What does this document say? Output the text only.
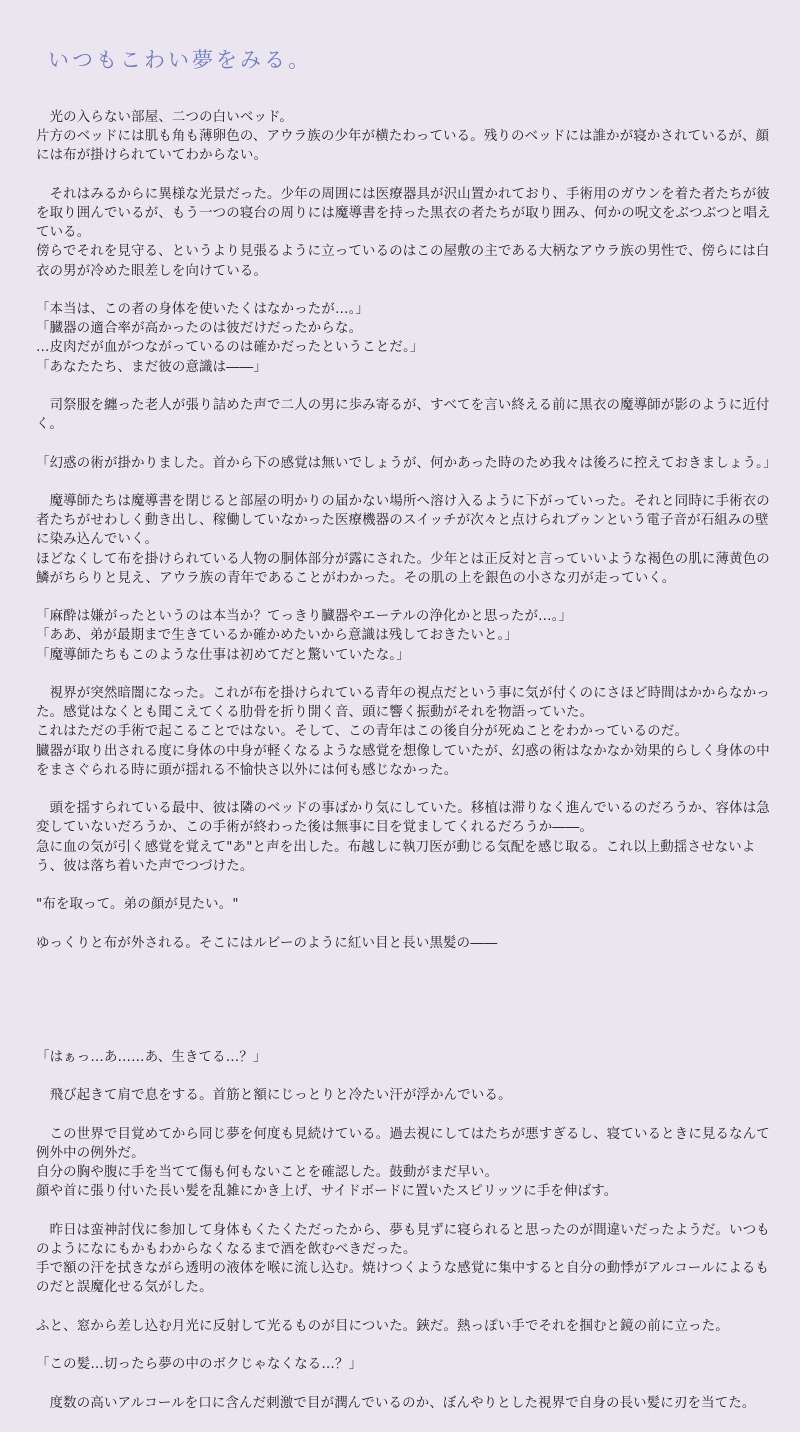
いつもこわい夢をみる。

　光の入らない部屋、二つの白いベッド。
片方のベッドには肌も角も薄卵色の、アウラ族の少年が横たわっている。残りのベッドには誰かが寝かされているが、顔には布が掛けられていてわからない。

　それはみるからに異様な光景だった。少年の周囲には医療器具が沢山置かれており、手術用のガウンを着た者たちが彼を取り囲んでいるが、もう一つの寝台の周りには魔導書を持った黒衣の者たちが取り囲み、何かの呪文をぶつぶつと唱えている。
傍らでそれを見守る、というより見張るように立っているのはこの屋敷の主である大柄なアウラ族の男性で、傍らには白衣の男が冷めた眼差しを向けている。

「本当は、この者の身体を使いたくはなかったが…。」
「臓器の適合率が高かったのは彼だけだったからな。
…皮肉だが血がつながっているのは確かだったということだ。」
「あなたたち、まだ彼の意識は――」

　司祭服を纏った老人が張り詰めた声で二人の男に歩み寄るが、すべてを言い終える前に黒衣の魔導師が影のように近付く。

「幻惑の術が掛かりました。首から下の感覚は無いでしょうが、何かあった時のため我々は後ろに控えておきましょう。」

　魔導師たちは魔導書を閉じると部屋の明かりの届かない場所へ溶け入るように下がっていった。それと同時に手術衣の者たちがせわしく動き出し、稼働していなかった医療機器のスイッチが次々と点けられブゥンという電子音が石組みの壁に染み込んでいく。
ほどなくして布を掛けられている人物の胴体部分が露にされた。少年とは正反対と言っていいような褐色の肌に薄黄色の鱗がちらりと見え、アウラ族の青年であることがわかった。その肌の上を銀色の小さな刃が走っていく。

「麻酔は嫌がったというのは本当か？てっきり臓器やエーテルの浄化かと思ったが…。」
「ああ、弟が最期まで生きているか確かめたいから意識は残しておきたいと。」
「魔導師たちもこのような仕事は初めてだと驚いていたな。」

　視界が突然暗闇になった。これが布を掛けられている青年の視点だという事に気が付くのにさほど時間はかからなかった。感覚はなくとも聞こえてくる肋骨を折り開く音、頭に響く振動がそれを物語っていた。
これはただの手術で起こることではない。そして、この青年はこの後自分が死ぬことをわかっているのだ。
臓器が取り出される度に身体の中身が軽くなるような感覚を想像していたが、幻惑の術はなかなか効果的らしく身体の中をまさぐられる時に頭が揺れる不愉快さ以外には何も感じなかった。

　頭を揺すられている最中、彼は隣のベッドの事ばかり気にしていた。移植は滞りなく進んでいるのだろうか、容体は急変していないだろうか、この手術が終わった後は無事に目を覚ましてくれるだろうか――。
急に血の気が引く感覚を覚えて"あ"と声を出した。布越しに執刀医が動じる気配を感じ取る。これ以上動揺させないよう、彼は落ち着いた声でつづけた。

"布を取って。弟の顔が見たい。"

ゆっくりと布が外される。そこにはルビーのように紅い目と長い黒髪の――

「はぁっ…あ……あ、生きてる…？」

　飛び起きて肩で息をする。首筋と額にじっとりと冷たい汗が浮かんでいる。

　この世界で目覚めてから同じ夢を何度も見続けている。過去視にしてはたちが悪すぎるし、寝ているときに見るなんて例外中の例外だ。
自分の胸や腹に手を当てて傷も何もないことを確認した。鼓動がまだ早い。
顔や首に張り付いた長い髪を乱雑にかき上げ、サイドボードに置いたスピリッツに手を伸ばす。

　昨日は蛮神討伐に参加して身体もくたくただったから、夢も見ずに寝られると思ったのが間違いだったようだ。いつものようになにもかもわからなくなるまで酒を飲むべきだった。
手で額の汗を拭きながら透明の液体を喉に流し込む。焼けつくような感覚に集中すると自分の動悸がアルコールによるものだと誤魔化せる気がした。

ふと、窓から差し込む月光に反射して光るものが目についた。鋏だ。熱っぽい手でそれを掴むと鏡の前に立った。

「この髪…切ったら夢の中のボクじゃなくなる…？」

　度数の高いアルコールを口に含んだ刺激で目が潤んでいるのか、ぼんやりとした視界で自身の長い髪に刃を当てた。
